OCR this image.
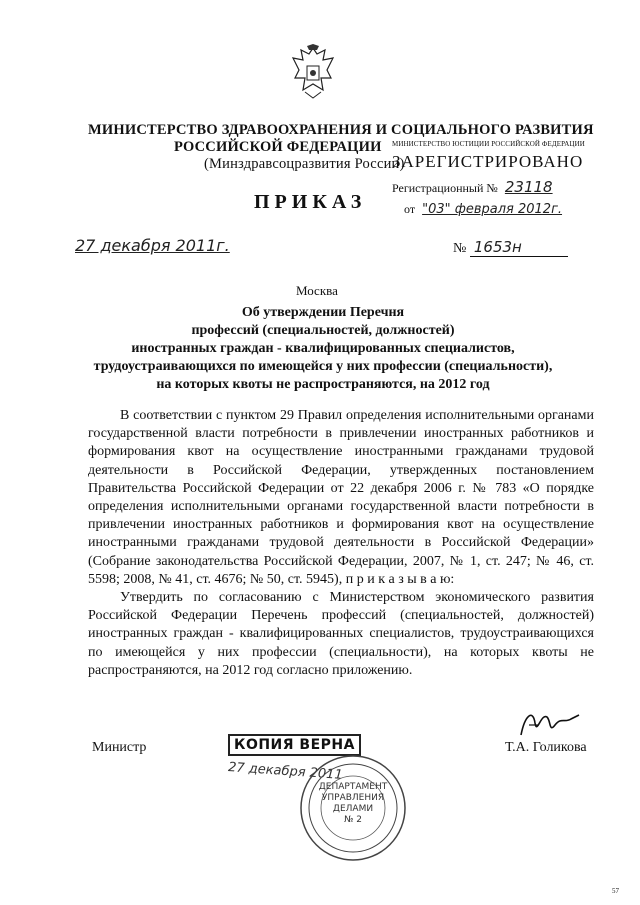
МИНИСТЕРСТВО ЗДРАВООХРАНЕНИЯ И СОЦИАЛЬНОГО РАЗВИТИЯ
РОССИЙСКОЙ ФЕДЕРАЦИИ
(Минздравсоцразвития России)
МИНИСТЕРСТВО ЮСТИЦИИ РОССИЙСКОЙ ФЕДЕРАЦИИ
ЗАРЕГИСТРИРОВАНО
Регистрационный № 23118
от "03" февраля 2012г.
ПРИКАЗ
27 декабря 2011г.	№ 1653н
Москва
Об утверждении Перечня
профессий (специальностей, должностей)
иностранных граждан - квалифицированных специалистов,
трудоустраивающихся по имеющейся у них профессии (специальности),
на которых квоты не распространяются, на 2012 год

В соответствии с пунктом 29 Правил определения исполнительными органами государственной власти потребности в привлечении иностранных работников и формирования квот на осуществление иностранными гражданами трудовой деятельности в Российской Федерации, утвержденных постановлением Правительства Российской Федерации от 22 декабря 2006 г. № 783 «О порядке определения исполнительными органами государственной власти потребности в привлечении иностранных работников и формирования квот на осуществление иностранными гражданами трудовой деятельности в Российской Федерации» (Собрание законодательства Российской Федерации, 2007, № 1, ст. 247; № 46, ст. 5598; 2008, № 41, ст. 4676; № 50, ст. 5945), п р и к а з ы в а ю:

Утвердить по согласованию с Министерством экономического развития Российской Федерации Перечень профессий (специальностей, должностей) иностранных граждан - квалифицированных специалистов, трудоустраивающихся по имеющейся у них профессии (специальности), на которых квоты не распространяются, на 2012 год согласно приложению.

Министр	Т.А. Голикова
КОПИЯ ВЕРНА
27 декабря 2011
ДЕПАРТАМЕНТ
УПРАВЛЕНИЯ
ДЕЛАМИ
№ 2
57
